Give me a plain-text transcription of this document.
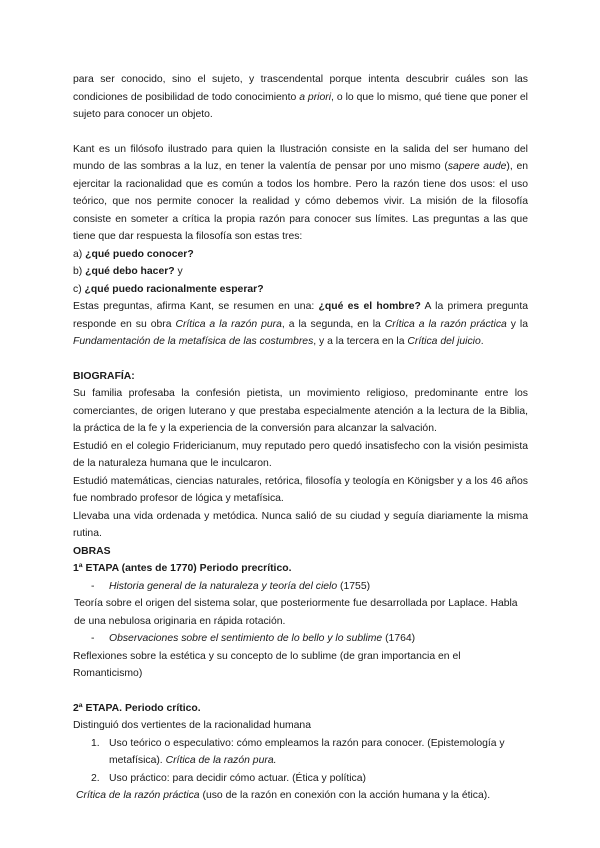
para ser conocido, sino el sujeto, y trascendental porque intenta descubrir cuáles son las condiciones de posibilidad de todo conocimiento a priori, o lo que lo mismo, qué tiene que poner el sujeto para conocer un objeto.

Kant es un filósofo ilustrado para quien la Ilustración consiste en la salida del ser humano del mundo de las sombras a la luz, en tener la valentía de pensar por uno mismo (sapere aude), en ejercitar la racionalidad que es común a todos los hombre. Pero la razón tiene dos usos: el uso teórico, que nos permite conocer la realidad y cómo debemos vivir. La misión de la filosofía consiste en someter a crítica la propia razón para conocer sus límites. Las preguntas a las que tiene que dar respuesta la filosofía son estas tres:

a) ¿qué puedo conocer?

b) ¿qué debo hacer? y

c) ¿qué puedo racionalmente esperar?

Estas preguntas, afirma Kant, se resumen en una: ¿qué es el hombre? A la primera pregunta responde en su obra Crítica a la razón pura, a la segunda, en la Crítica a la razón práctica y la Fundamentación de la metafísica de las costumbres, y a la tercera en la Crítica del juicio.

BIOGRAFÍA:

Su familia profesaba la confesión pietista, un movimiento religioso, predominante entre los comerciantes, de origen luterano y que prestaba especialmente atención a la lectura de la Biblia, la práctica de la fe y la experiencia de la conversión para alcanzar la salvación.

Estudió en el colegio Fridericianum, muy reputado pero quedó insatisfecho con la visión pesimista de la naturaleza humana que le inculcaron.

Estudió matemáticas, ciencias naturales, retórica, filosofía y teología en Königsber y a los 46 años fue nombrado profesor de lógica y metafísica.

Llevaba una vida ordenada y metódica. Nunca salió de su ciudad y seguía diariamente la misma rutina.

OBRAS

1ª ETAPA (antes de 1770) Periodo precrítico.

- Historia general de la naturaleza y teoría del cielo (1755)

Teoría sobre el origen del sistema solar, que posteriormente fue desarrollada por Laplace. Habla de una nebulosa originaria en rápida rotación.

- Observaciones sobre el sentimiento de lo bello y lo sublime (1764)

Reflexiones sobre la estética y su concepto de lo sublime (de gran importancia en el Romanticismo)

2ª ETAPA. Periodo crítico.

Distinguió dos vertientes de la racionalidad humana

1. Uso teórico o especulativo: cómo empleamos la razón para conocer. (Epistemología y metafísica). Crítica de la razón pura.

2. Uso práctico: para decidir cómo actuar. (Ética y política)

Crítica de la razón práctica (uso de la razón en conexión con la acción humana y la ética).
